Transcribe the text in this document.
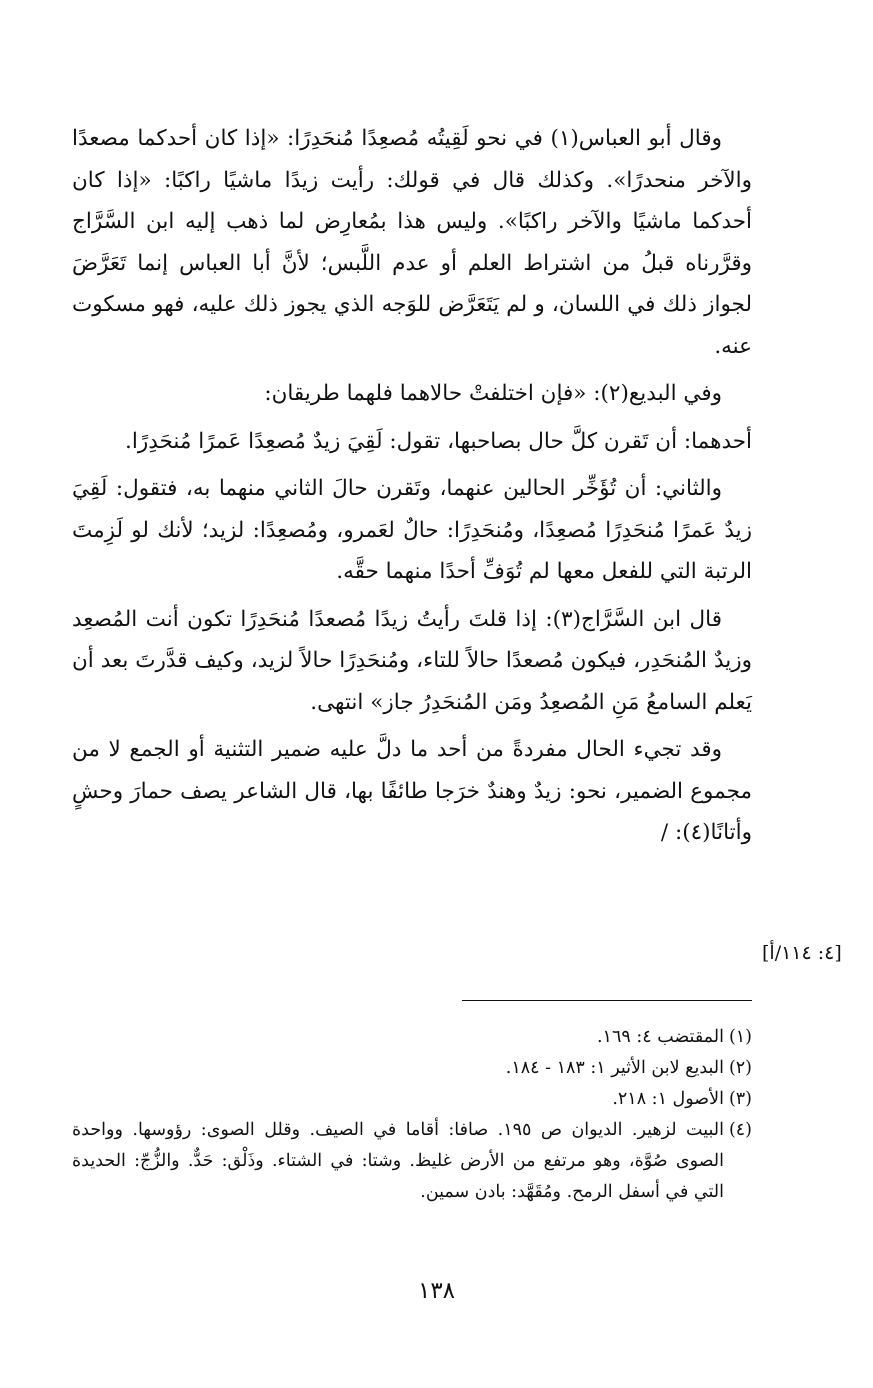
وقال أبو العباس(١) في نحو لَقِيتُه مُصعِدًا مُنحَدِرًا: «إذا كان أحدكما مصعدًا والآخر منحدرًا». وكذلك قال في قولك: رأيت زيدًا ماشيًا راكبًا: «إذا كان أحدكما ماشيًا والآخر راكبًا». وليس هذا بمُعارِض لما ذهب إليه ابن السَّرَّاج وقرَّرناه قبلُ من اشتراط العلم أو عدم اللَّبس؛ لأنَّ أبا العباس إنما تَعَرَّضَ لجواز ذلك في اللسان، و لم يَتَعَرَّض للوَجه الذي يجوز ذلك عليه، فهو مسكوت عنه.

وفي البديع(٢): «فإن اختلفتْ حالاهما فلهما طريقان:

أحدهما: أن تَقرن كلَّ حال بصاحبها، تقول: لَقِيَ زيدٌ مُصعِدًا عَمرًا مُنحَدِرًا.

والثاني: أن تُؤَخِّر الحالين عنهما، وتَقرن حالَ الثاني منهما به، فتقول: لَقِيَ زيدٌ عَمرًا مُنحَدِرًا مُصعِدًا، ومُنحَدِرًا: حالٌ لعَمرو، ومُصعِدًا: لزيد؛ لأنك لو لَزِمتَ الرتبة التي للفعل معها لم تُوَفِّ أحدًا منهما حقَّه.

قال ابن السَّرَّاج(٣): إذا قلتَ رأيتُ زيدًا مُصعدًا مُنحَدِرًا تكون أنت المُصعِد وزيدٌ المُنحَدِر، فيكون مُصعدًا حالاً للتاء، ومُنحَدِرًا حالاً لزيد، وكيف قدَّرتَ بعد أن يَعلم السامعُ مَنِ المُصعِدُ ومَن المُنحَدِرُ جاز» انتهى.

وقد تجيء الحال مفردةً من أحد ما دلَّ عليه ضمير التثنية أو الجمع لا من مجموع الضمير، نحو: زيدٌ وهندٌ خرَجا طائفًا بها، قال الشاعر يصف حمارَ وحشٍ وأتانًا(٤): /

[٤: ١١٤/أ]
(١)
المقتضب ٤: ١٦٩.
(٢)
البديع لابن الأثير ١: ١٨٣ - ١٨٤.
(٣)
الأصول ١: ٢١٨.
(٤)
البيت لزهير. الديوان ص ١٩٥. صافا: أقاما في الصيف. وقلل الصوى: رؤوسها. وواحدة الصوى صُوَّة، وهو مرتفع من الأرض غليظ. وشتا: في الشتاء. وذَلْق: حَدٌّ. والزُّجّ: الحديدة التي في أسفل الرمح. ومُقَهَّد: بادن سمين.
١٣٨
